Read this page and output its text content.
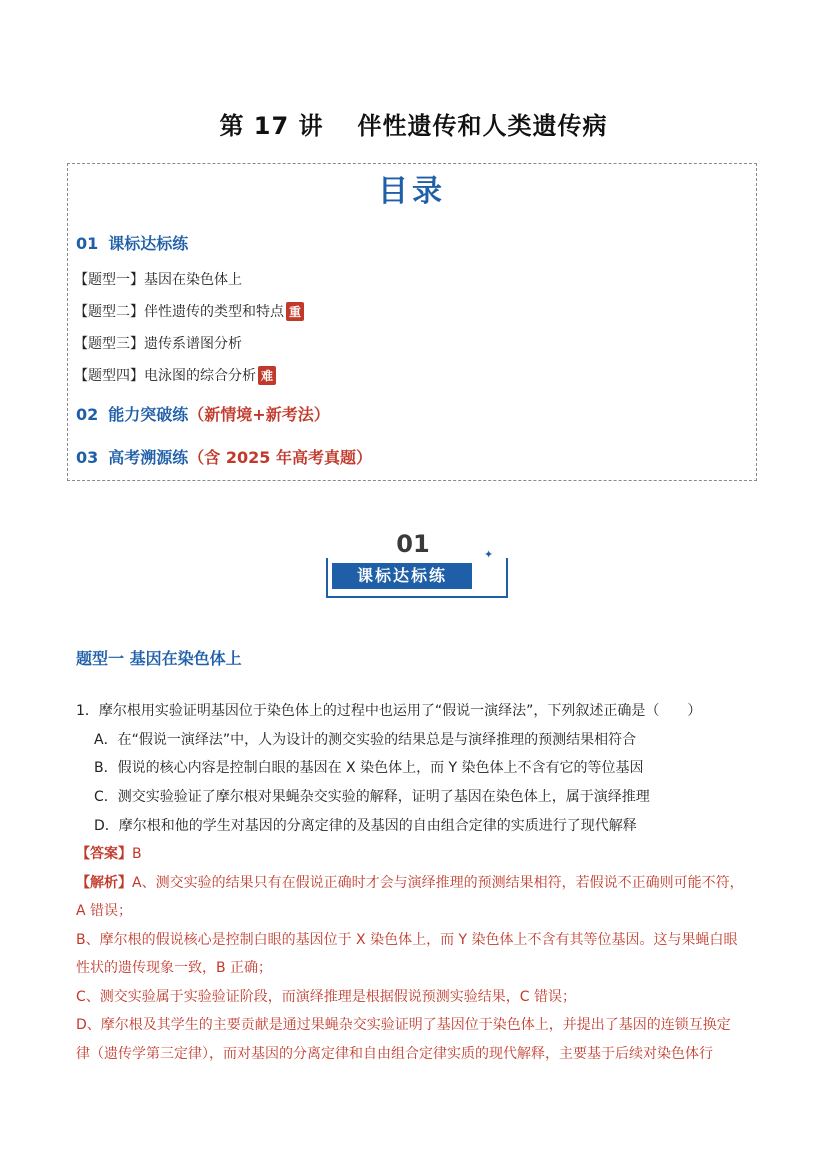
第 17 讲 伴性遗传和人类遗传病
目录
01 课标达标练
【题型一】基因在染色体上
【题型二】伴性遗传的类型和特点 重
【题型三】遗传系谱图分析
【题型四】电泳图的综合分析 难
02 能力突破练（新情境+新考法）
03 高考溯源练（含 2025 年高考真题）
01
课标达标练
✦
题型一 基因在染色体上
1．摩尔根用实验证明基因位于染色体上的过程中也运用了“假说一演绎法”，下列叙述正确是（　　）
A．在“假说一演绎法”中，人为设计的测交实验的结果总是与演绎推理的预测结果相符合
B．假说的核心内容是控制白眼的基因在 X 染色体上，而 Y 染色体上不含有它的等位基因
C．测交实验验证了摩尔根对果蝇杂交实验的解释，证明了基因在染色体上，属于演绎推理
D．摩尔根和他的学生对基因的分离定律的及基因的自由组合定律的实质进行了现代解释
【答案】B
【解析】A、测交实验的结果只有在假说正确时才会与演绎推理的预测结果相符，若假说不正确则可能不符，
A 错误；
B、摩尔根的假说核心是控制白眼的基因位于 X 染色体上，而 Y 染色体上不含有其等位基因。这与果蝇白眼
性状的遗传现象一致，B 正确；
C、测交实验属于实验验证阶段，而演绎推理是根据假说预测实验结果，C 错误；
D、摩尔根及其学生的主要贡献是通过果蝇杂交实验证明了基因位于染色体上，并提出了基因的连锁互换定
律（遗传学第三定律），而对基因的分离定律和自由组合定律实质的现代解释，主要基于后续对染色体行
